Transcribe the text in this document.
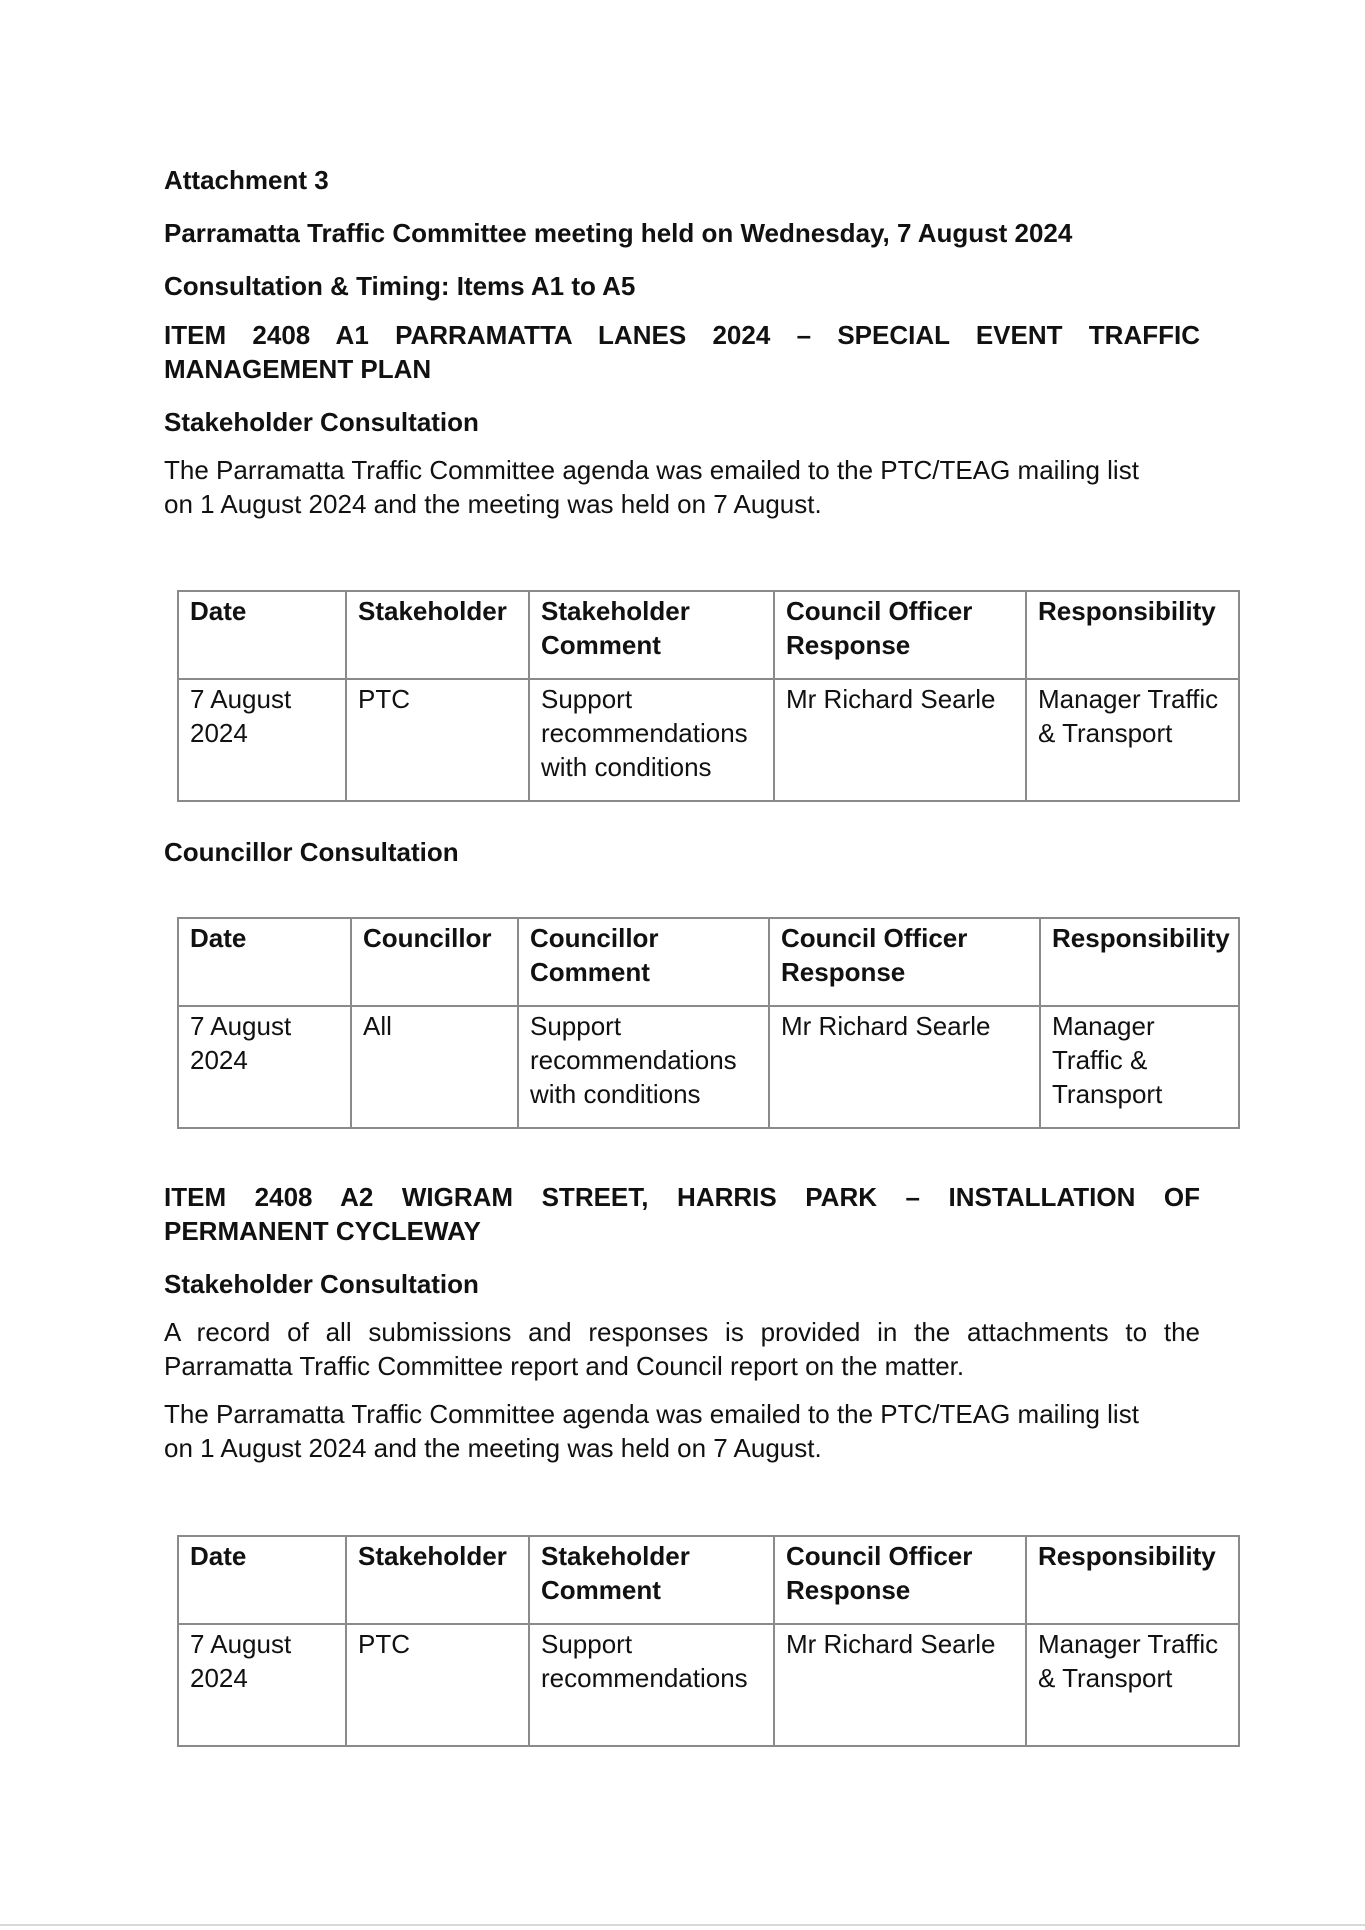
Attachment 3

Parramatta Traffic Committee meeting held on Wednesday, 7 August 2024

Consultation & Timing: Items A1 to A5

ITEM 2408 A1 PARRAMATTA LANES 2024 – SPECIAL EVENT TRAFFIC

MANAGEMENT PLAN

Stakeholder Consultation

The Parramatta Traffic Committee agenda was emailed to the PTC/TEAG mailing list

on 1 August 2024 and the meeting was held on 7 August.

Date	Stakeholder	Stakeholder Comment	Council Officer Response	Responsibility
7 August 2024	PTC	Support recommendations with conditions	Mr Richard Searle	Manager Traffic & Transport

Councillor Consultation

Date	Councillor	Councillor Comment	Council Officer Response	Responsibility
7 August 2024	All	Support recommendations with conditions	Mr Richard Searle	Manager Traffic & Transport

ITEM 2408 A2 WIGRAM STREET, HARRIS PARK – INSTALLATION OF

PERMANENT CYCLEWAY

Stakeholder Consultation

A record of all submissions and responses is provided in the attachments to the

Parramatta Traffic Committee report and Council report on the matter.

The Parramatta Traffic Committee agenda was emailed to the PTC/TEAG mailing list

on 1 August 2024 and the meeting was held on 7 August.

Date	Stakeholder	Stakeholder Comment	Council Officer Response	Responsibility
7 August 2024	PTC	Support recommendations	Mr Richard Searle	Manager Traffic & Transport
